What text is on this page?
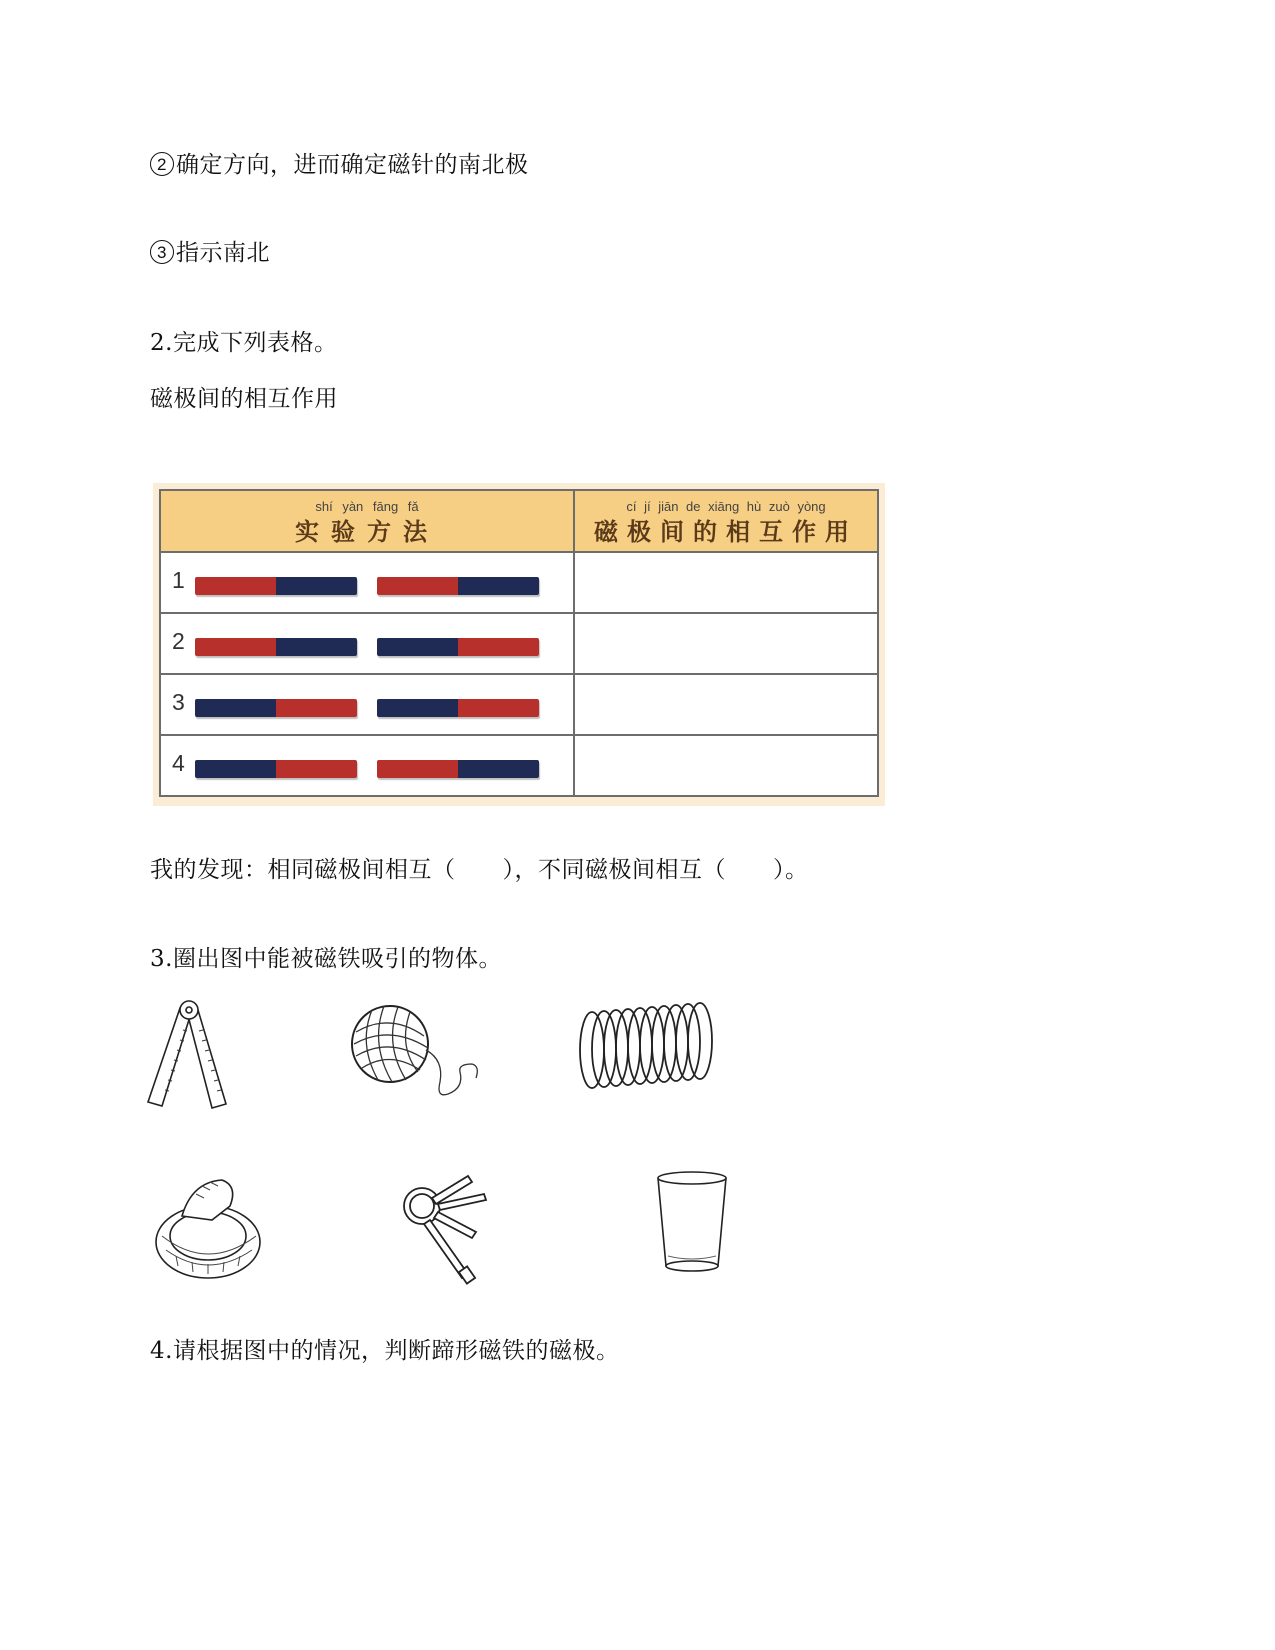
2 确定方向，进而确定磁针的南北极
3 指示南北
2.完成下列表格。
磁极间的相互作用
shí yàn fāng fǎ
实验方法
cí jí jiān de xiāng hù zuò yòng
磁极间的相互作用
1
2
3
4
我的发现：相同磁极间相互（　　），不同磁极间相互（　　）。
3.圈出图中能被磁铁吸引的物体。
4.请根据图中的情况，判断蹄形磁铁的磁极。
